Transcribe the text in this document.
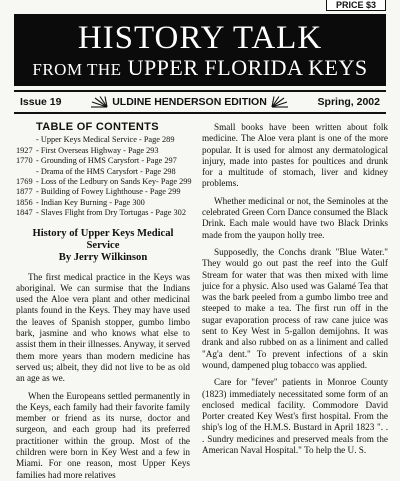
PRICE $3
HISTORY TALK
FROM THE UPPER FLORIDA KEYS
Issue 19	ULDINE HENDERSON EDITION	Spring, 2002
TABLE OF CONTENTS
- Upper Keys Medical Service - Page 289
1927 - First Overseas Highway - Page 293
1770 - Grounding of HMS Carysfort - Page 297
- Drama of the HMS Carysfort - Page 298
1769 - Loss of the Ledbury on Sands Key- Page 299
1877 - Building of Fowey Lighthouse - Page 299
1856 - Indian Key Burning - Page 300
1847 - Slaves Flight from Dry Tortugas - Page 302
History of Upper Keys Medical Service
By Jerry Wilkinson

The first medical practice in the Keys was aboriginal. We can surmise that the Indians used the Aloe vera plant and other medicinal plants found in the Keys. They may have used the leaves of Spanish stopper, gumbo limbo bark, jasmine and who knows what else to assist them in their illnesses. Anyway, it served them more years than modern medicine has served us; albeit, they did not live to be as old an age as we.

When the Europeans settled permanently in the Keys, each family had their favorite family member or friend as its nurse, doctor and surgeon, and each group had its preferred practitioner within the group. Most of the children were born in Key West and a few in Miami. For one reason, most Upper Keys families had more relatives

Small books have been written about folk medicine. The Aloe vera plant is one of the more popular. It is used for almost any dermatological injury, made into pastes for poultices and drunk for a multitude of stomach, liver and kidney problems.

Whether medicinal or not, the Seminoles at the celebrated Green Corn Dance consumed the Black Drink. Each male would have two Black Drinks made from the yaupon holly tree.

Supposedly, the Conchs drank "Blue Water." They would go out past the reef into the Gulf Stream for water that was then mixed with lime juice for a physic. Also used was Galamé Tea that was the bark peeled from a gumbo limbo tree and steeped to make a tea. The first run off in the sugar evaporation process of raw cane juice was sent to Key West in 5-gallon demijohns. It was drank and also rubbed on as a liniment and called "Ag'a dent." To prevent infections of a skin wound, dampened plug tobacco was applied.

Care for "fever" patients in Monroe County (1823) immediately necessitated some form of an enclosed medical facility. Commodore David Porter created Key West's first hospital. From the ship's log of the H.M.S. Bustard in April 1823 ". . . Sundry medicines and preserved meals from the American Naval Hospital." To help the U. S.
